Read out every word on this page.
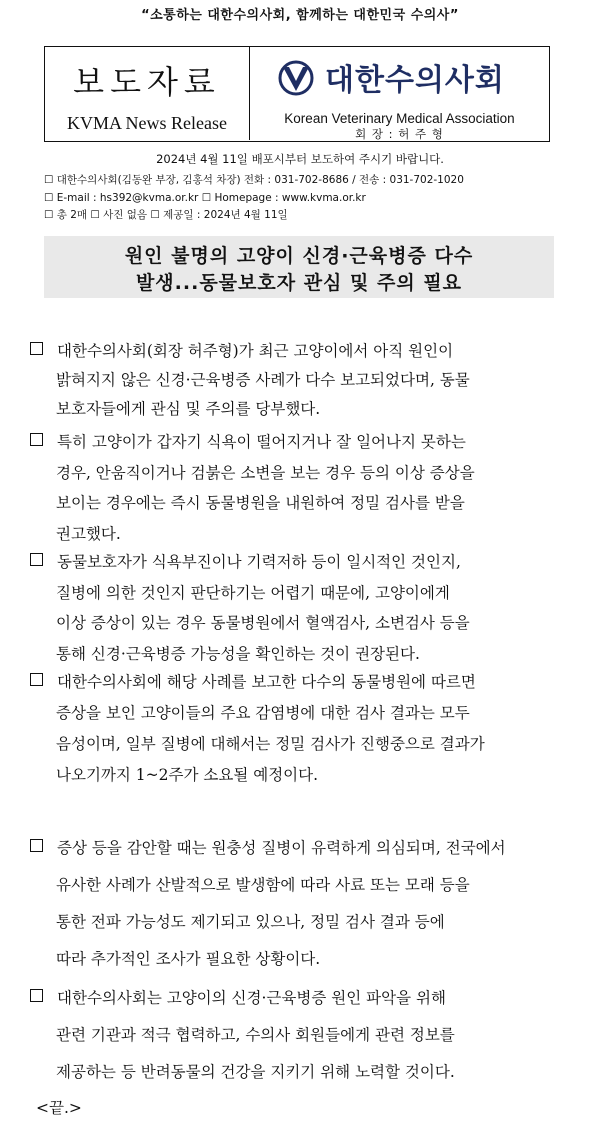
“소통하는 대한수의사회, 함께하는 대한민국 수의사”
보도자료
KVMA News Release
대한수의사회
Korean Veterinary Medical Association
회 장 : 허 주 형
2024년 4월 11일 배포시부터 보도하여 주시기 바랍니다.
☐ 대한수의사회(김동완 부장, 김홍석 차장) 전화 : 031-702-8686 / 전송 : 031-702-1020
☐ E-mail : hs392@kvma.or.kr ☐ Homepage : www.kvma.or.kr
☐ 총 2매 ☐ 사진 없음 ☐ 제공일 : 2024년 4월 11일
원인 불명의 고양이 신경·근육병증 다수
발생...동물보호자 관심 및 주의 필요
대한수의사회(회장 허주형)가 최근 고양이에서 아직 원인이
밝혀지지 않은 신경·근육병증 사례가 다수 보고되었다며, 동물
보호자들에게 관심 및 주의를 당부했다.
특히 고양이가 갑자기 식욕이 떨어지거나 잘 일어나지 못하는
경우, 안움직이거나 검붉은 소변을 보는 경우 등의 이상 증상을
보이는 경우에는 즉시 동물병원을 내원하여 정밀 검사를 받을
권고했다.
동물보호자가 식욕부진이나 기력저하 등이 일시적인 것인지,
질병에 의한 것인지 판단하기는 어렵기 때문에, 고양이에게
이상 증상이 있는 경우 동물병원에서 혈액검사, 소변검사 등을
통해 신경·근육병증 가능성을 확인하는 것이 권장된다.
대한수의사회에 해당 사례를 보고한 다수의 동물병원에 따르면
증상을 보인 고양이들의 주요 감염병에 대한 검사 결과는 모두
음성이며, 일부 질병에 대해서는 정밀 검사가 진행중으로 결과가
나오기까지 1~2주가 소요될 예정이다.
증상 등을 감안할 때는 원충성 질병이 유력하게 의심되며, 전국에서
유사한 사례가 산발적으로 발생함에 따라 사료 또는 모래 등을
통한 전파 가능성도 제기되고 있으나, 정밀 검사 결과 등에
따라 추가적인 조사가 필요한 상황이다.
대한수의사회는 고양이의 신경·근육병증 원인 파악을 위해
관련 기관과 적극 협력하고, 수의사 회원들에게 관련 정보를
제공하는 등 반려동물의 건강을 지키기 위해 노력할 것이다.
<끝.>
